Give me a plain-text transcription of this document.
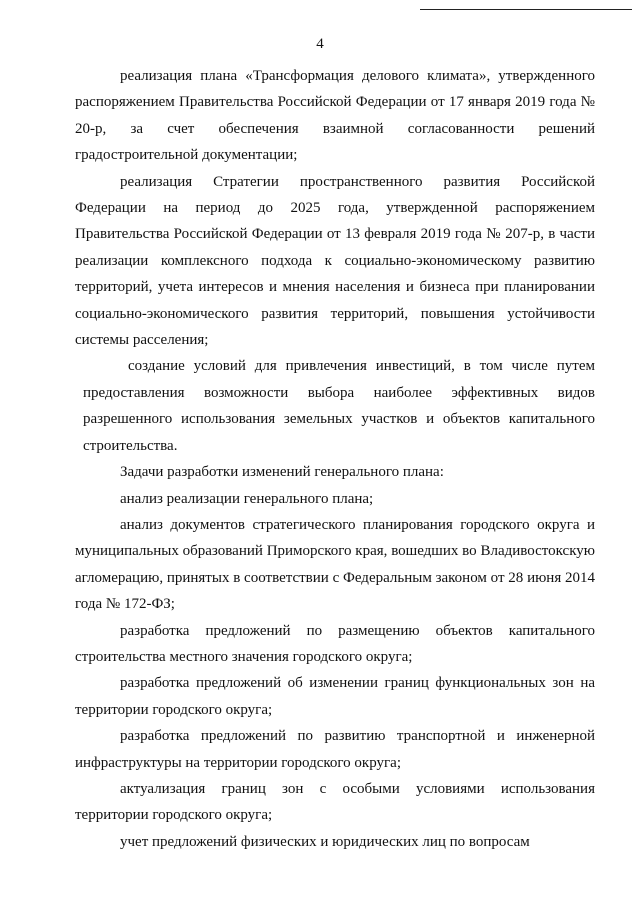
4

реализация плана «Трансформация делового климата», утвержденного распоряжением Правительства Российской Федерации от 17 января 2019 года № 20-р, за счет обеспечения взаимной согласованности решений градостроительной документации;

реализация Стратегии пространственного развития Российской Федерации на период до 2025 года, утвержденной распоряжением Правительства Российской Федерации от 13 февраля 2019 года № 207-р, в части реализации комплексного подхода к социально-экономическому развитию территорий, учета интересов и мнения населения и бизнеса при планировании социально-экономического развития территорий, повышения устойчивости системы расселения;

создание условий для привлечения инвестиций, в том числе путем предоставления возможности выбора наиболее эффективных видов разрешенного использования земельных участков и объектов капитального строительства.

Задачи разработки изменений генерального плана:

анализ реализации генерального плана;

анализ документов стратегического планирования городского округа и муниципальных образований Приморского края, вошедших во Владивостокскую агломерацию, принятых в соответствии с Федеральным законом от 28 июня 2014 года № 172-ФЗ;

разработка предложений по размещению объектов капитального строительства местного значения городского округа;

разработка предложений об изменении границ функциональных зон на территории городского округа;

разработка предложений по развитию транспортной и инженерной инфраструктуры на территории городского округа;

актуализация границ зон с особыми условиями использования территории городского округа;

учет предложений физических и юридических лиц по вопросам
